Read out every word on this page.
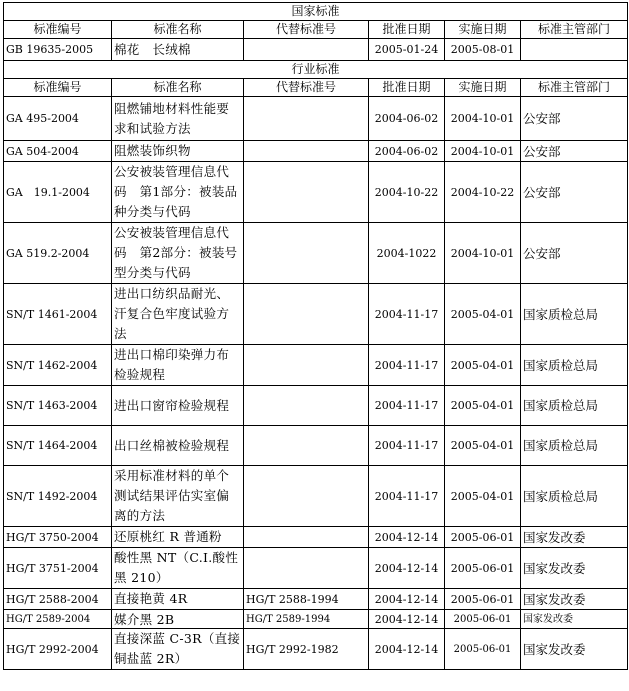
国家标准					
标准编号	标准名称	代替标准号	批准日期	实施日期	标准主管部门
GB 19635-2005	棉花　长绒棉		2005-01-24	2005-08-01	
行业标准					
标准编号	标准名称	代替标准号	批准日期	实施日期	标准主管部门
GA 495-2004	阻燃铺地材料性能要求和试验方法		2004-06-02	2004-10-01	公安部
GA 504-2004	阻燃装饰织物		2004-06-02	2004-10-01	公安部
GA　19.1-2004	公安被装管理信息代码　第1部分：被装品种分类与代码		2004-10-22	2004-10-22	公安部
GA 519.2-2004	公安被装管理信息代码　第2部分：被装号型分类与代码		2004-1022	2004-10-01	公安部
SN/T 1461-2004	进出口纺织品耐光、汗复合色牢度试验方法		2004-11-17	2005-04-01	国家质检总局
SN/T 1462-2004	进出口棉印染弹力布检验规程		2004-11-17	2005-04-01	国家质检总局
SN/T 1463-2004	进出口窗帘检验规程		2004-11-17	2005-04-01	国家质检总局
SN/T 1464-2004	出口丝棉被检验规程		2004-11-17	2005-04-01	国家质检总局
SN/T 1492-2004	采用标准材料的单个测试结果评估实室偏离的方法		2004-11-17	2005-04-01	国家质检总局
HG/T 3750-2004	还原桃红 R 普通粉		2004-12-14	2005-06-01	国家发改委
HG/T 3751-2004	酸性黑 NT（C.I.酸性黑 210）		2004-12-14	2005-06-01	国家发改委
HG/T 2588-2004	直接艳黄 4R	HG/T 2588-1994	2004-12-14	2005-06-01	国家发改委
HG/T 2589-2004	媒介黑 2B	HG/T 2589-1994	2004-12-14	2005-06-01	国家发改委
HG/T 2992-2004	直接深蓝 C-3R（直接铜盐蓝 2R）	HG/T 2992-1982	2004-12-14	2005-06-01	国家发改委
